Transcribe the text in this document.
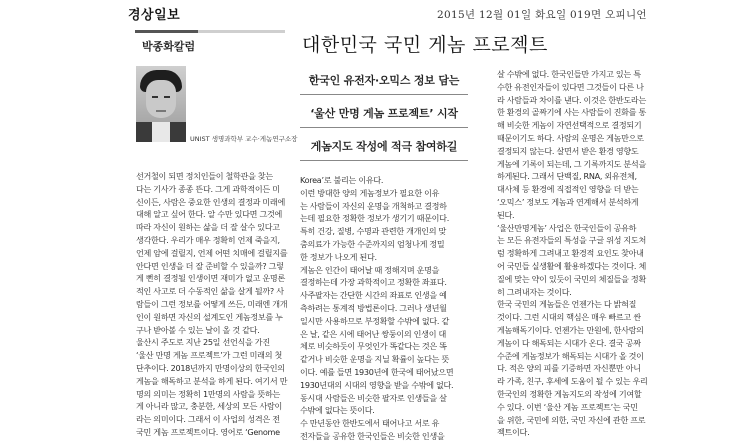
경상일보	2015년 12월 01일 화요일 019면 오피니언
박종화칼럼	대한민국 국민 게놈 프로젝트
UNIST 생명과학부 교수·게놈연구소장
한국인 유전자·오믹스 정보 담는
‘울산 만명 게놈 프로젝트’ 시작
게놈지도 작성에 적극 참여하길

선거철이 되면 정치인들이 철학관을 찾는

다는 기사가 종종 뜬다. 그게 과학적이든 미

신이든, 사람은 중요한 인생의 결정과 미래에

대해 알고 싶어 한다. 알 수만 있다면 그것에

따라 자신이 원하는 삶을 더 잘 살수 있다고

생각한다. 우리가 매우 정확히 언제 죽을지,

언제 암에 걸릴지, 언제 어떤 치매에 걸릴지를

안다면 인생을 더 잘 준비할 수 있을까? 그렇

게 뻔히 결정될 인생이면 재미가 없고 운명론

적인 사고로 더 수동적인 삶을 살게 될까? 사

람들이 그런 정보를 어떻게 쓰든, 미래엔 개개

인이 원하면 자신의 설계도인 게놈정보를 누

구나 받아볼 수 있는 날이 올 것 같다.

울산시 주도로 지난 25일 선언식을 가진

‘울산 만명 게놈 프로젝트’가 그런 미래의 첫

단추이다. 2018년까지 만명이상의 한국인의

게놈을 해독하고 분석을 하게 된다. 여기서 만

명의 의미는 정확히 1만명의 사람을 뜻하는

게 아니라 많고, 충분한, 세상의 모든 사람이

라는 의미이다. 그래서 이 사업의 성격은 전

국민 게놈 프로젝트이다. 영어로 ‘Genome

Korea’로 불리는 이유다.

이런 방대한 양의 게놈정보가 필요한 이유

는 사람들이 자신의 운명을 개척하고 결정하

는데 필요한 정확한 정보가 생기기 때문이다.

특히 건강, 질병, 수명과 관련한 개개인의 맞

춤의료가 가능한 수준까지의 엄청나게 정밀

한 정보가 나오게 된다.

게놈은 인간이 태어날 때 정해지며 운명을

결정하는데 가장 과학적이고 정확한 좌표다.

사주팔자는 간단한 시간의 좌표로 인생을 예

측하려는 통계적 방법론이다. 그러나 생년월

일시만 사용하므로 부정확할 수밖에 없다. 같

은 날, 같은 시에 태어난 쌍둥이의 인생이 대

체로 비슷하듯이 무엇인가 똑같다는 것은 똑

같거나 비슷한 운명을 지닐 확률이 높다는 뜻

이다. 예를 들면 1930년에 한국에 태어났으면

1930년대의 시대의 영향을 받을 수밖에 없다.

동시대 사람들은 비슷한 팔자로 인생들을 살

수밖에 없다는 뜻이다.

수 만년동안 한반도에서 태어나고 서로 유

전자들을 공유한 한국인들은 비슷한 인생을

살 수밖에 없다. 한국인들만 가지고 있는 특

수한 유전인자들이 있다면 그것들이 다른 나

라 사람들과 차이를 낸다. 이것은 한반도라는

한 환경의 골짜기에 사는 사람들이 진화를 통

해 비슷한 게놈이 자연선택적으로 결정되기

때문이기도 하다. 사람의 운명은 게놈만으로

결정되지 않는다. 살면서 받은 환경 영향도

게놈에 기록이 되는데, 그 기록까지도 분석을

하게된다. 그래서 단백질, RNA, 외유전체,

대사체 등 환경에 직접적인 영향을 더 받는

‘오믹스’ 정보도 게놈과 연계해서 분석하게

된다.

‘울산만명게놈’ 사업은 한국인들이 공유하

는 모든 유전자들의 특성을 구글 위성 지도처

럼 정확하게 그려내고 환경적 요인도 찾아내

어 국민들 실생활에 활용하겠다는 것이다. 체

질에 맞는 약이 있듯이 국민의 체질들을 정확

히 그려내자는 것이다.

한국 국민의 게놈들은 언젠가는 다 밝혀질

것이다. 그런 시대의 핵심은 매우 빠르고 싼

게놈해독기이다. 언젠가는 만원에, 한사람의

게놈이 다 해독되는 시대가 온다. 결국 공짜

수준에 게놈정보가 해독되는 시대가 올 것이

다. 적은 양의 피를 기증하면 자신뿐만 아니

라 가족, 친구, 후세에 도움이 될 수 있는 우리

한국인의 정확한 게놈지도의 작성에 기여할

수 있다. 이번 ‘울산 게놈 프로젝트’는 국민

을 위한, 국민에 의한, 국민 자신에 관한 프로

젝트이다.
